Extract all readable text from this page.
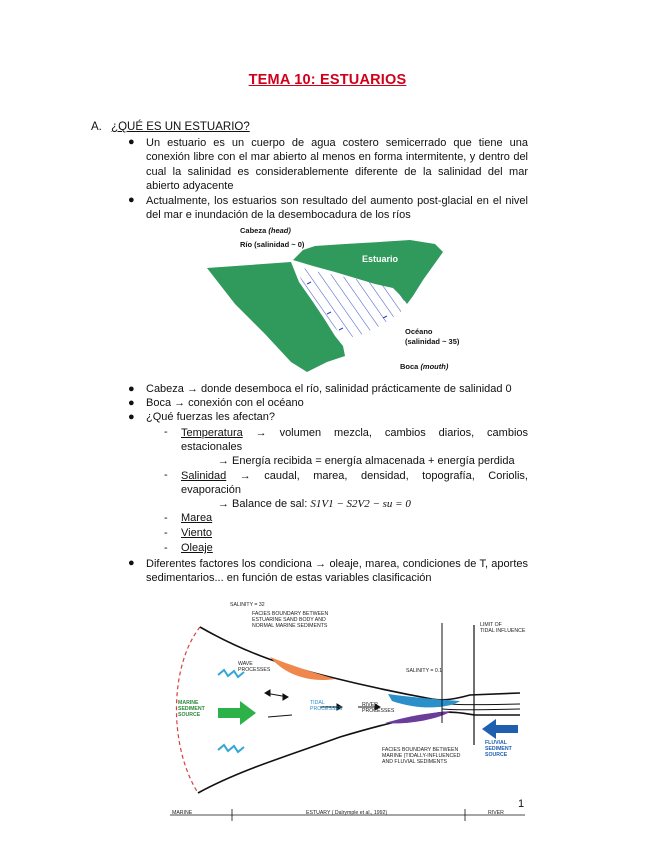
TEMA 10: ESTUARIOS
A. ¿QUÉ ES UN ESTUARIO?
●	Un estuario es un cuerpo de agua costero semicerrado que tiene una conexión libre con el mar abierto al menos en forma intermitente, y dentro del cual la salinidad es considerablemente diferente de la salinidad del mar abierto adyacente
●	Actualmente, los estuarios son resultado del aumento post-glacial en el nivel del mar e inundación de la desembocadura de los ríos
Cabeza (head)
Río (salinidad ~ 0)
Estuario
Océano
(salinidad ~ 35)
Boca (mouth)
●	Cabeza → donde desemboca el río, salinidad prácticamente de salinidad 0
●	Boca → conexión con el océano
●	¿Qué fuerzas les afectan?
- Temperatura → volumen mezcla, cambios diarios, cambios estacionales
→ Energía recibida = energía almacenada + energía perdida
- Salinidad → caudal, marea, densidad, topografía, Coriolis, evaporación
→ Balance de sal: S1V1 − S2V2 − su = 0
- Marea
- Viento
- Oleaje
●	Diferentes factores los condiciona → oleaje, marea, condiciones de T, aportes sedimentarios... en función de estas variables clasificación
SALINITY = 32
FACIES BOUNDARY BETWEEN
ESTUARINE SAND BODY AND
NORMAL MARINE SEDIMENTS	LIMIT OF
TIDAL INFLUENCE
WAVE
PROCESSES	SALINITY = 0.1
MARINE
SEDIMENT
SOURCE
TIDAL
PROCESSES
RIVER
PROCESSES
FLUVIAL
SEDIMENT
SOURCE
FACIES BOUNDARY BETWEEN
MARINE (TIDALLY-INFLUENCED
AND FLUVIAL SEDIMENTS
MARINE	ESTUARY ( Dalrymple et al., 1992)	RIVER
1
